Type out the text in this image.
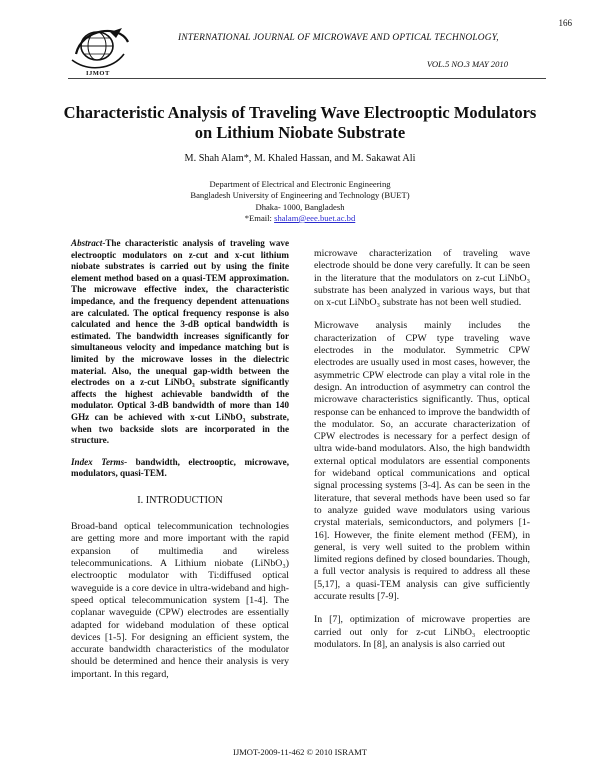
166
IJMOT
INTERNATIONAL JOURNAL OF MICROWAVE AND OPTICAL TECHNOLOGY,
VOL.5 NO.3 MAY 2010
Characteristic Analysis of Traveling Wave Electrooptic Modulators on Lithium Niobate Substrate
M. Shah Alam*, M. Khaled Hassan, and M. Sakawat Ali
Department of Electrical and Electronic Engineering
Bangladesh University of Engineering and Technology (BUET)
Dhaka- 1000, Bangladesh
*Email: shalam@eee.buet.ac.bd
Abstract-The characteristic analysis of traveling wave electrooptic modulators on z-cut and x-cut lithium niobate substrates is carried out by using the finite element method based on a quasi-TEM approximation. The microwave effective index, the characteristic impedance, and the frequency dependent attenuations are calculated. The optical frequency response is also calculated and hence the 3-dB optical bandwidth is estimated. The bandwidth increases significantly for simultaneous velocity and impedance matching but is limited by the microwave losses in the dielectric material. Also, the unequal gap-width between the electrodes on a z-cut LiNbO₃ substrate significantly affects the highest achievable bandwidth of the modulator. Optical 3-dB bandwidth of more than 140 GHz can be achieved with x-cut LiNbO₃ substrate, when two backside slots are incorporated in the structure.
Index Terms- bandwidth, electrooptic, microwave, modulators, quasi-TEM.
I. INTRODUCTION

Broad-band optical telecommunication technologies are getting more and more important with the rapid expansion of multimedia and wireless telecommunications. A Lithium niobate (LiNbO₃) electrooptic modulator with Ti:diffused optical waveguide is a core device in ultra-wideband and high-speed optical telecommunication system [1-4]. The coplanar waveguide (CPW) electrodes are essentially adapted for wideband modulation of these optical devices [1-5]. For designing an efficient system, the accurate bandwidth characteristics of the modulator should be determined and hence their analysis is very important. In this regard,

microwave characterization of traveling wave electrode should be done very carefully. It can be seen in the literature that the modulators on z-cut LiNbO₃ substrate has been analyzed in various ways, but that on x-cut LiNbO₃ substrate has not been well studied.

Microwave analysis mainly includes the characterization of CPW type traveling wave electrodes in the modulator. Symmetric CPW electrodes are usually used in most cases, however, the asymmetric CPW electrode can play a vital role in the design. An introduction of asymmetry can control the microwave characteristics significantly. Thus, optical response can be enhanced to improve the bandwidth of the modulator. So, an accurate characterization of CPW electrodes is necessary for a perfect design of ultra wide-band modulators. Also, the high bandwidth external optical modulators are essential components for wideband optical communications and optical signal processing systems [3-4]. As can be seen in the literature, that several methods have been used so far to analyze guided wave modulators using various crystal materials, semiconductors, and polymers [1-16]. However, the finite element method (FEM), in general, is very well suited to the problem within limited regions defined by closed boundaries. Though, a full vector analysis is required to address all these [5,17], a quasi-TEM analysis can give sufficiently accurate results [7-9].

In [7], optimization of microwave properties are carried out only for z-cut LiNbO₃ electrooptic modulators. In [8], an analysis is also carried out

IJMOT-2009-11-462 © 2010 ISRAMT
